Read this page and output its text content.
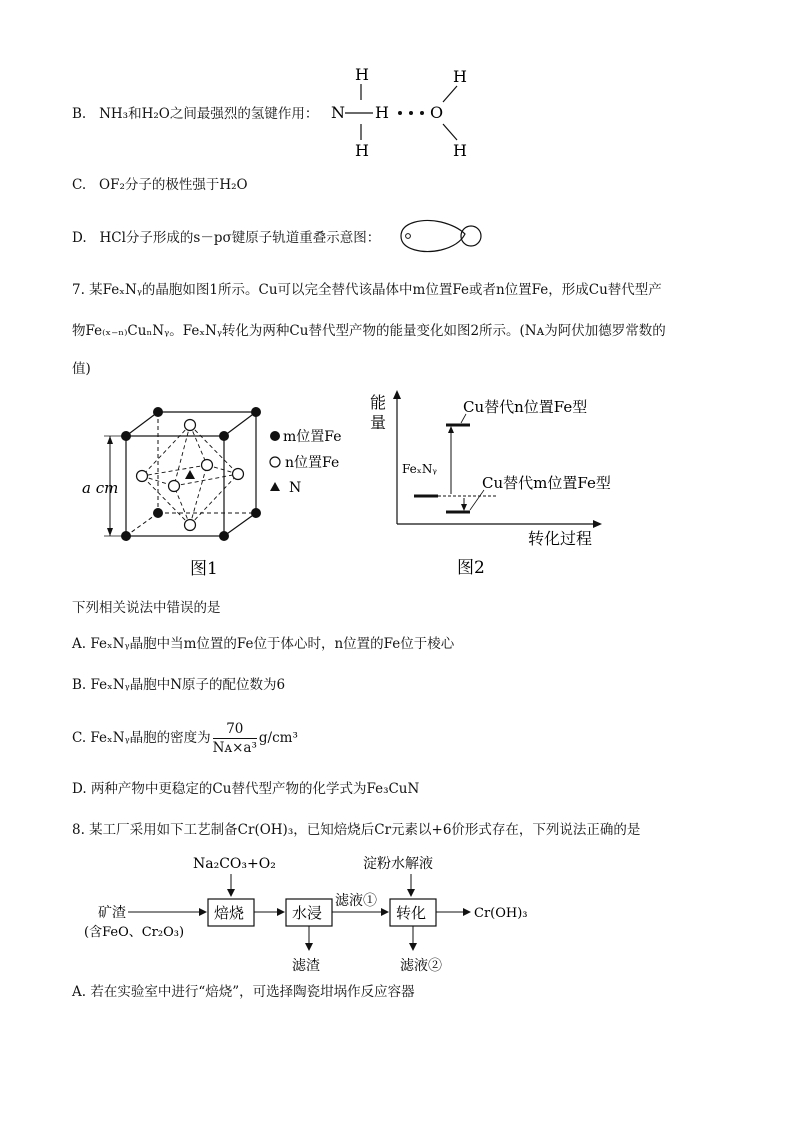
B. NH₃和H₂O之间最强烈的氢键作用：
H	H
N H	O
H	H
C. OF₂分子的极性强于H₂O
D. HCl分子形成的s－pσ键原子轨道重叠示意图：
7. 某FeₓNᵧ的晶胞如图1所示。Cu可以完全替代该晶体中m位置Fe或者n位置Fe，形成Cu替代型产
物Fe₍ₓ₋ₙ₎CuₙNᵧ。FeₓNᵧ转化为两种Cu替代型产物的能量变化如图2所示。(Nᴀ为阿伏加德罗常数的
值)
a cm
m位置Fe
n位置Fe
N
图1
能
量
FeₓNᵧ
Cu替代n位置Fe型
Cu替代m位置Fe型
转化过程
图2
下列相关说法中错误的是
A. FeₓNᵧ晶胞中当m位置的Fe位于体心时，n位置的Fe位于棱心
B. FeₓNᵧ晶胞中N原子的配位数为6
C. FeₓNᵧ晶胞的密度为 $\frac{70}{\text{Nᴀ×a³}} g/cm^3$
D. 两种产物中更稳定的Cu替代型产物的化学式为Fe₃CuN
8. 某工厂采用如下工艺制备Cr(OH)₃，已知焙烧后Cr元素以+6价形式存在，下列说法正确的是
Na₂CO₃+O₂	淀粉水解液
矿渣
(含FeO、Cr₂O₃)
焙烧	水浸
滤液①
转化	Cr(OH)₃
滤渣	滤液②
A. 若在实验室中进行“焙烧”，可选择陶瓷坩埚作反应容器
